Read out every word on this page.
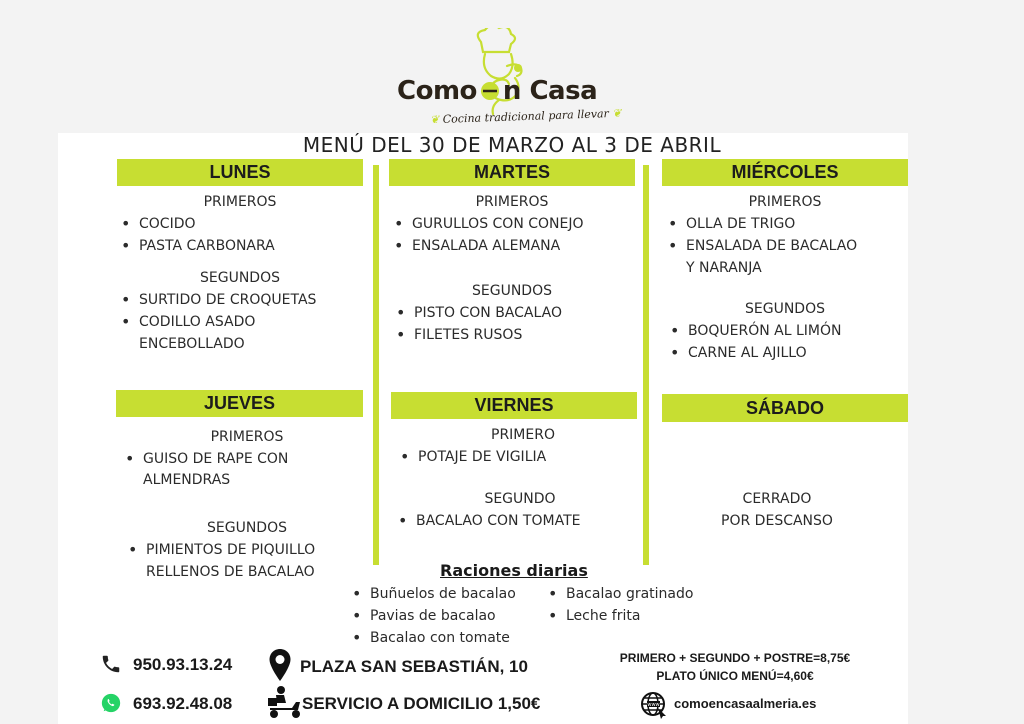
Como n Casa
❦ Cocina tradicional para llevar ❦
MENÚ DEL 30 DE MARZO AL 3 DE ABRIL
LUNES
PRIMEROS
• COCIDO
• PASTA CARBONARA
SEGUNDOS
• SURTIDO DE CROQUETAS
• CODILLO ASADO
ENCEBOLLADO
MARTES
PRIMEROS
• GURULLOS CON CONEJO
• ENSALADA ALEMANA
SEGUNDOS
• PISTO CON BACALAO
• FILETES RUSOS
MIÉRCOLES
PRIMEROS
• OLLA DE TRIGO
• ENSALADA DE BACALAO
Y NARANJA
SEGUNDOS
• BOQUERÓN AL LIMÓN
• CARNE AL AJILLO
JUEVES
PRIMEROS
• GUISO DE RAPE CON
ALMENDRAS
SEGUNDOS
• PIMIENTOS DE PIQUILLO
RELLENOS DE BACALAO
VIERNES
PRIMERO
• POTAJE DE VIGILIA
SEGUNDO
• BACALAO CON TOMATE
SÁBADO
CERRADO
POR DESCANSO
Raciones diarias
• Buñuelos de bacalao
• Pavias de bacalao
• Bacalao con tomate
• Bacalao gratinado
• Leche frita
950.93.13.24
693.92.48.08
PLAZA SAN SEBASTIÁN, 10
SERVICIO A DOMICILIO 1,50€
PRIMERO + SEGUNDO + POSTRE=8,75€
PLATO ÚNICO MENÚ=4,60€
www comoencasaalmeria.es
